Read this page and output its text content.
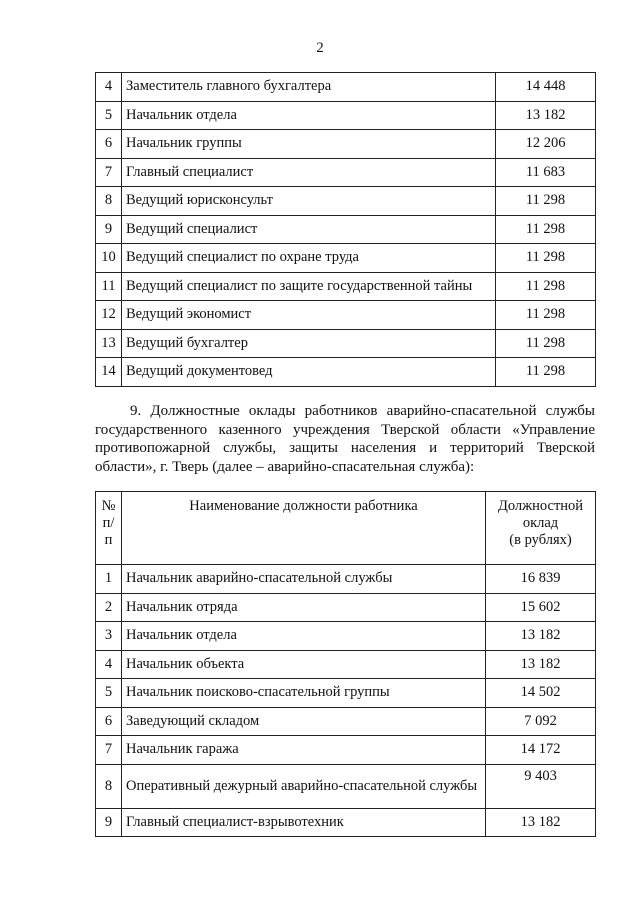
2
4	Заместитель главного бухгалтера	14 448
5	Начальник отдела	13 182
6	Начальник группы	12 206
7	Главный специалист	11 683
8	Ведущий юрисконсульт	11 298
9	Ведущий специалист	11 298
10	Ведущий специалист по охране труда	11 298
11	Ведущий специалист по защите государственной тайны	11 298
12	Ведущий экономист	11 298
13	Ведущий бухгалтер	11 298
14	Ведущий документовед	11 298

9. Должностные оклады работников аварийно-спасательной службы государственного казенного учреждения Тверской области «Управление противопожарной службы, защиты населения и территорий Тверской области», г. Тверь (далее – аварийно-спасательная служба):

№
п/п	Наименование должности работника	Должностной
оклад
(в рублях)
1	Начальник аварийно-спасательной службы	16 839
2	Начальник отряда	15 602
3	Начальник отдела	13 182
4	Начальник объекта	13 182
5	Начальник поисково-спасательной группы	14 502
6	Заведующий складом	7 092
7	Начальник гаража	14 172
8	Оперативный дежурный аварийно-спасательной службы	9 403
9	Главный специалист-взрывотехник	13 182
